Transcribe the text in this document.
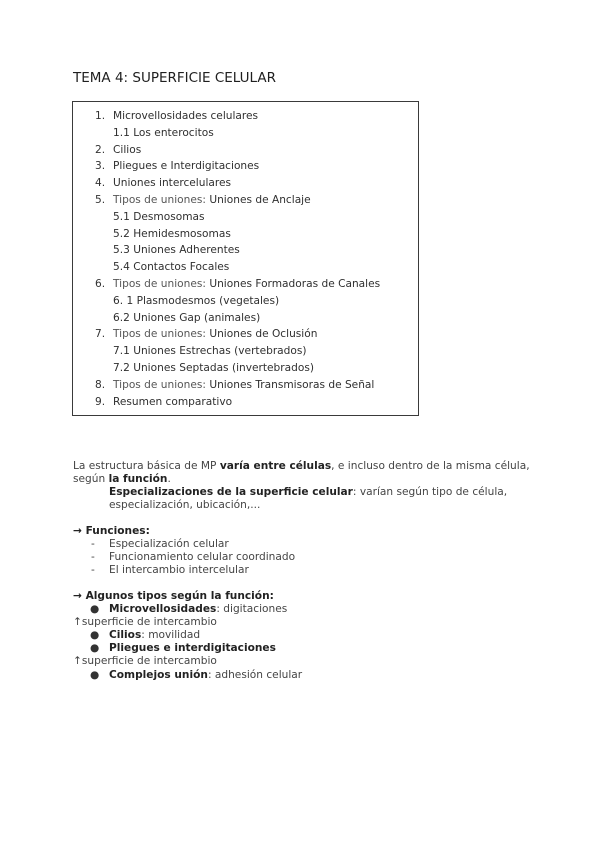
TEMA 4: SUPERFICIE CELULAR
1. Microvellosidades celulares
1.1 Los enterocitos
2. Cilios
3. Pliegues e Interdigitaciones
4. Uniones intercelulares
5. Tipos de uniones: Uniones de Anclaje
5.1 Desmosomas
5.2 Hemidesmosomas
5.3 Uniones Adherentes
5.4 Contactos Focales
6. Tipos de uniones: Uniones Formadoras de Canales
6. 1 Plasmodesmos (vegetales)
6.2 Uniones Gap (animales)
7. Tipos de uniones: Uniones de Oclusión
7.1 Uniones Estrechas (vertebrados)
7.2 Uniones Septadas (invertebrados)
8. Tipos de uniones: Uniones Transmisoras de Señal
9. Resumen comparativo
La estructura básica de MP varía entre células, e incluso dentro de la misma célula,
según la función.
Especializaciones de la superficie celular: varían según tipo de célula,
especialización, ubicación,...
→ Funciones:
- Especialización celular
- Funcionamiento celular coordinado
- El intercambio intercelular
→ Algunos tipos según la función:
● Microvellosidades: digitaciones
↑superficie de intercambio
● Cilios: movilidad
● Pliegues e interdigitaciones
↑superficie de intercambio
● Complejos unión: adhesión celular
